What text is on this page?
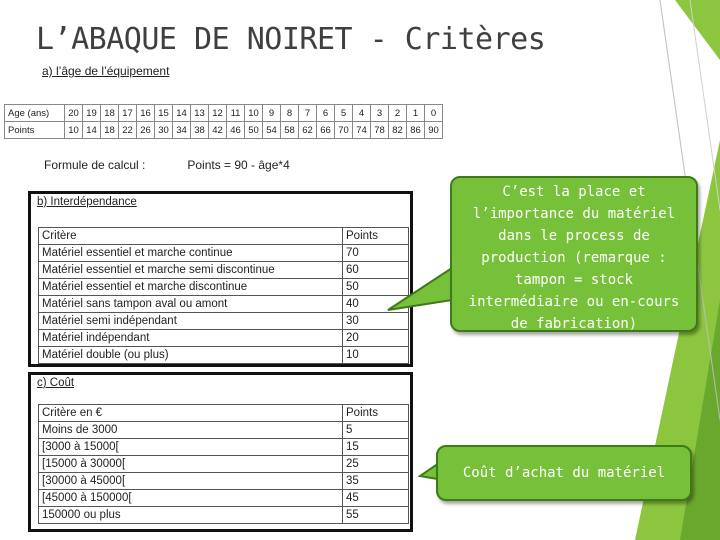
L’ABAQUE DE NOIRET - Critères
a) l’âge de l’équipement
Age (ans)	20	19	18	17	16	15	14	13	12	11	10	9	8	7	6	5	4	3	2	1	0
Points	10	14	18	22	26	30	34	38	42	46	50	54	58	62	66	70	74	78	82	86	90
Formule de calcul :	Points = 90 - âge*4
b) Interdépendance
Critère	Points
Matériel essentiel et marche continue	70
Matériel essentiel et marche semi discontinue	60
Matériel essentiel et marche discontinue	50
Matériel sans tampon aval ou amont	40
Matériel semi indépendant	30
Matériel indépendant	20
Matériel double (ou plus)	10
c) Coût
Critère en €	Points
Moins de 3000	5
[3000 à 15000[	15
[15000 à 30000[	25
[30000 à 45000[	35
[45000 à 150000[	45
150000 ou plus	55
C’est la place et
l’importance du matériel
dans le process de
production (remarque :
tampon = stock
intermédiaire ou en-cours
de fabrication)
Coût d’achat du matériel
